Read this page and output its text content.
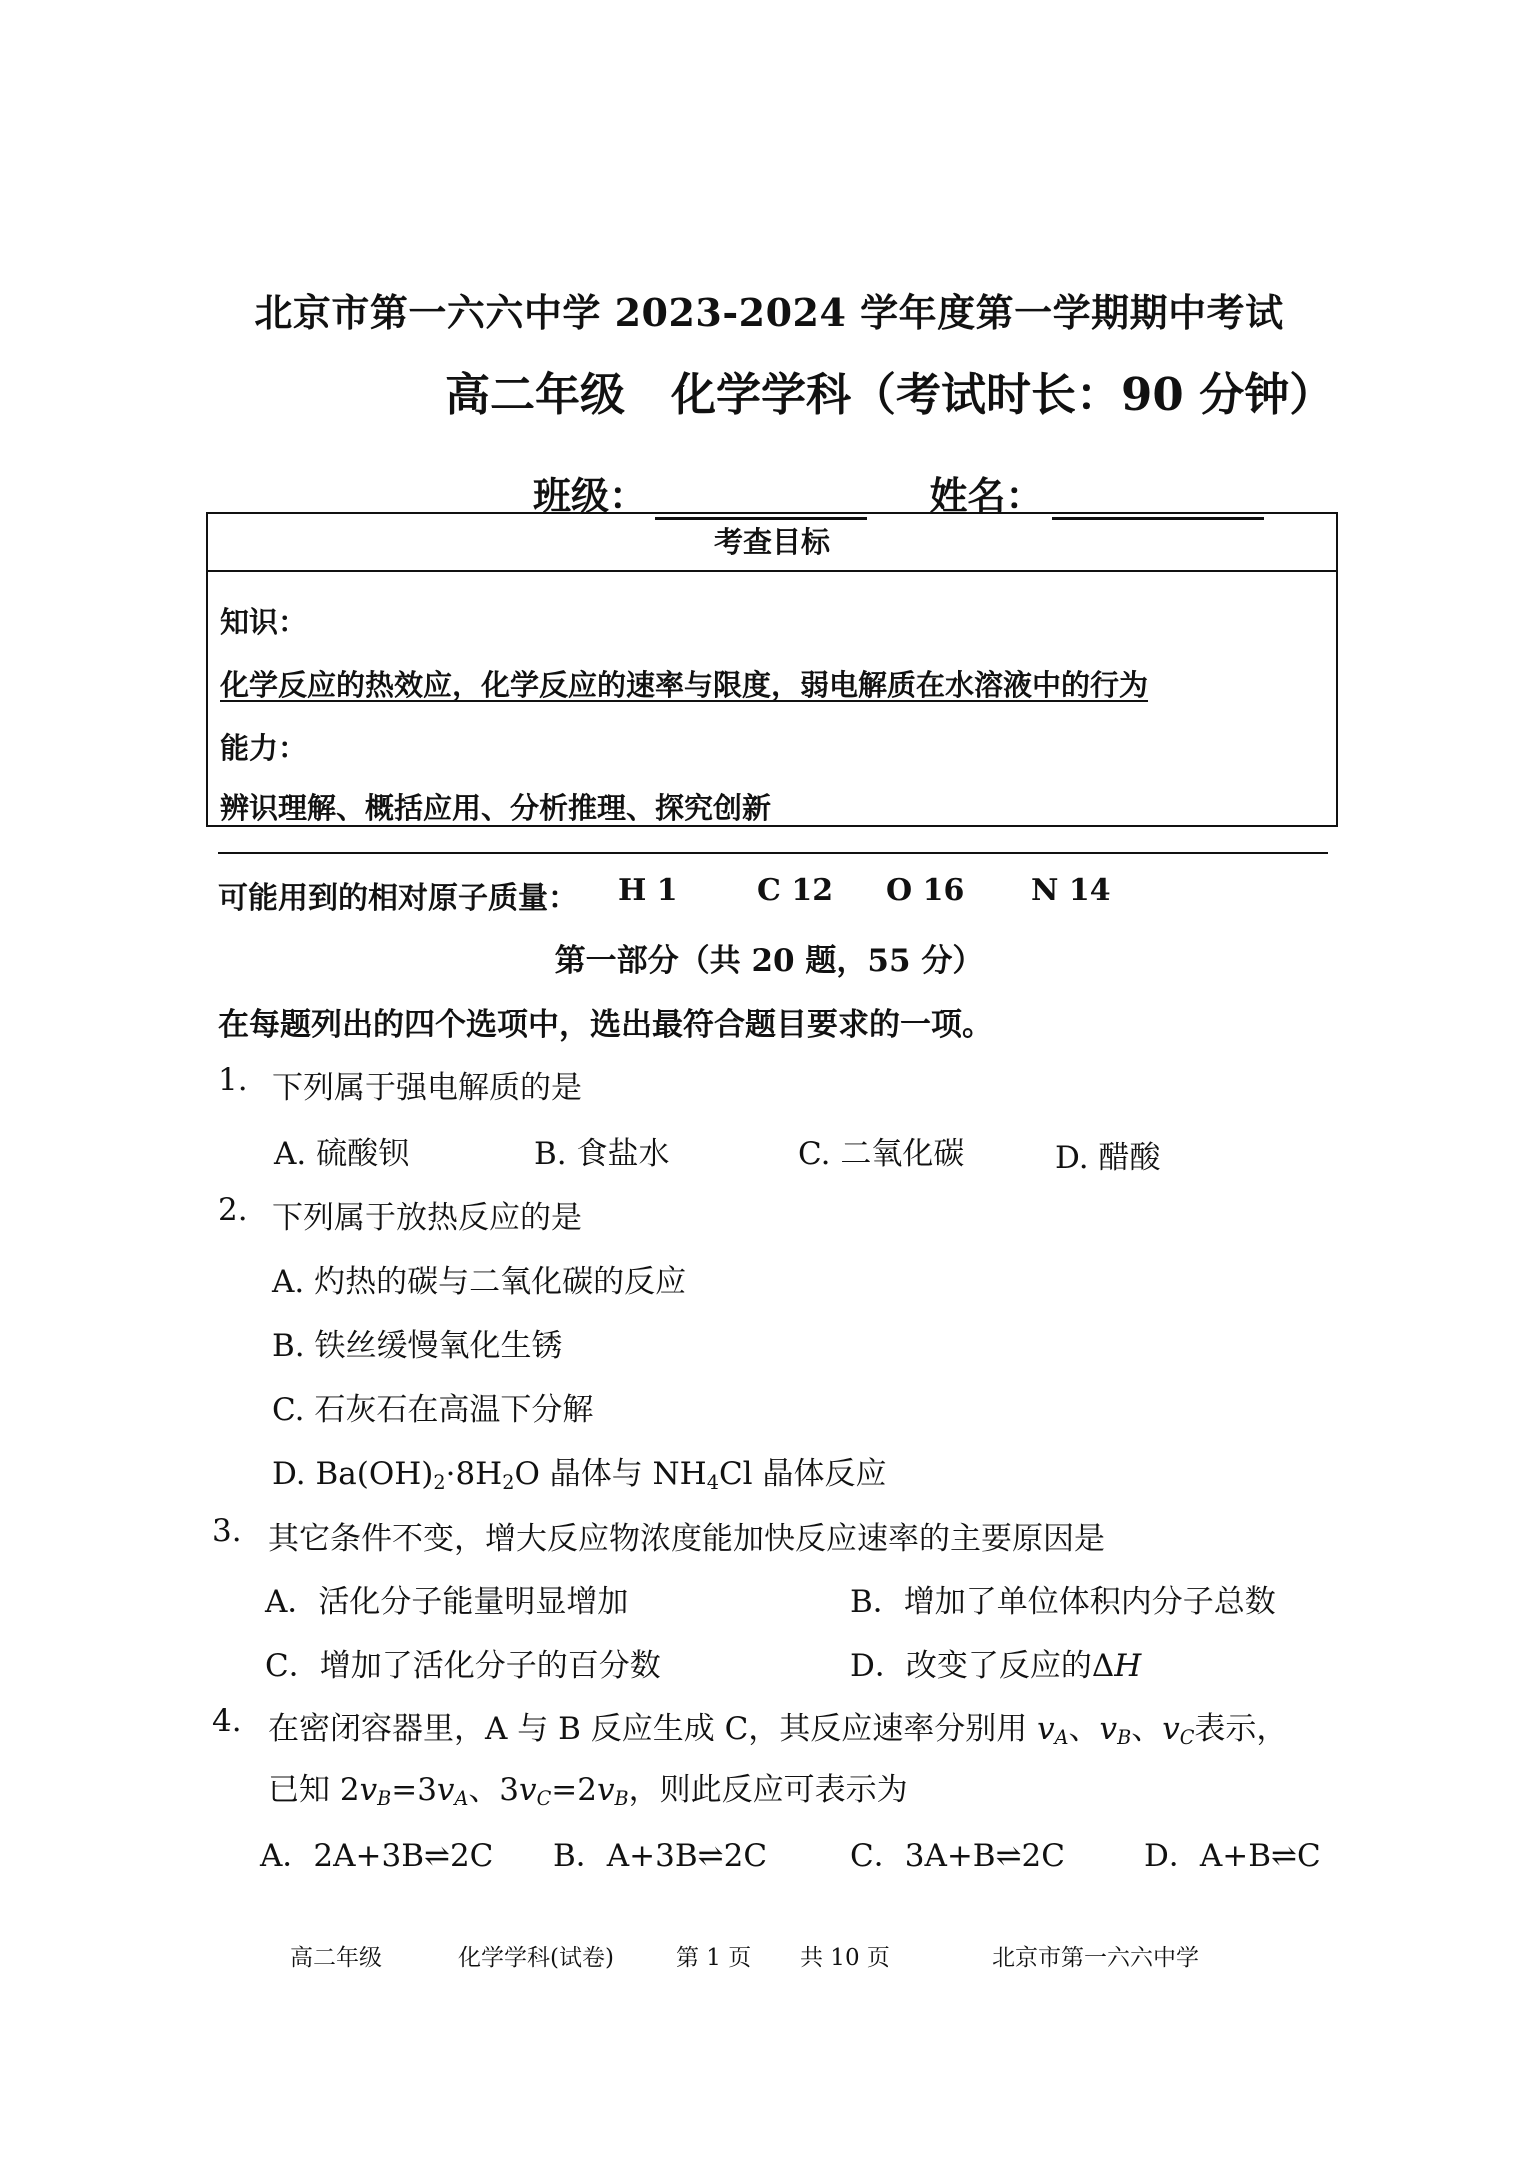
北京市第一六六中学 2023-2024 学年度第一学期期中考试
高二年级 化学学科（考试时长：90 分钟）
班级：	姓名：
考查目标
知识：
化学反应的热效应，化学反应的速率与限度，弱电解质在水溶液中的行为
能力：
辨识理解、概括应用、分析推理、探究创新
可能用到的相对原子质量： H 1	C 12 O 16 N 14
第一部分（共 20 题，55 分）
在每题列出的四个选项中，选出最符合题目要求的一项。
1. 下列属于强电解质的是
A. 硫酸钡	B. 食盐水	C. 二氧化碳	D. 醋酸
2. 下列属于放热反应的是
A. 灼热的碳与二氧化碳的反应
B. 铁丝缓慢氧化生锈
C. 石灰石在高温下分解
D. $Ba(OH)_2\cdot 8H_2O$ 晶体与 $NH_4Cl$ 晶体反应
3. 其它条件不变，增大反应物浓度能加快反应速率的主要原因是
A．活化分子能量明显增加	B．增加了单位体积内分子总数
C．增加了活化分子的百分数	D．改变了反应的ΔH
4. 在密闭容器里，A 与 B 反应生成 C，其反应速率分别用 $v_A$、$v_B$、$v_C$表示，
已知 $2v_B=3v_A$、$3v_C=2v_B$，则此反应可表示为
A．2A+3B⇌2C B．A+3B⇌2C	C．3A+B⇌2C	D．A+B⇌C
高二年级	化学学科(试卷)	第 1 页 共 10 页	北京市第一六六中学
